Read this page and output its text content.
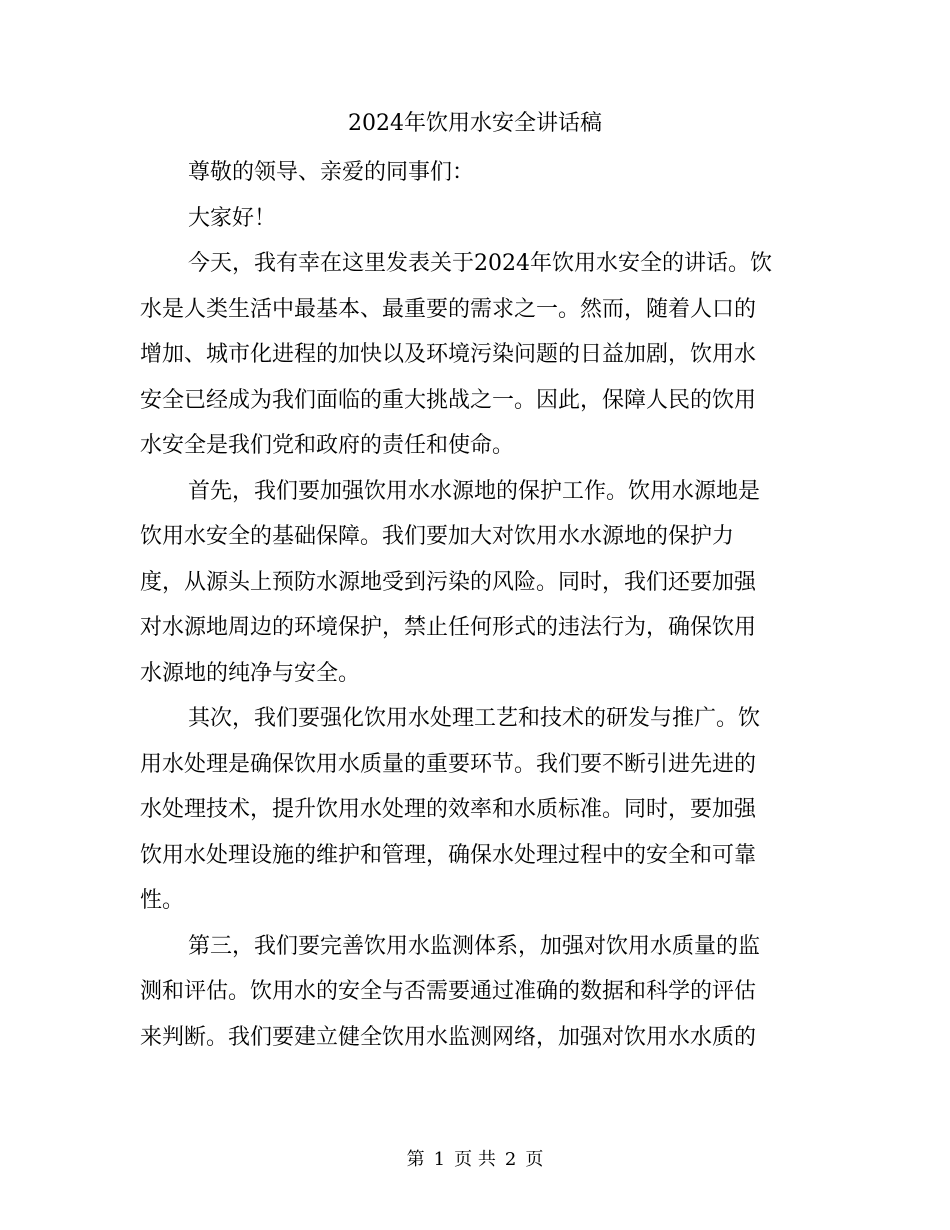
2024年饮用水安全讲话稿

尊敬的领导、亲爱的同事们：

大家好！

今天，我有幸在这里发表关于2024年饮用水安全的讲话。饮
水是人类生活中最基本、最重要的需求之一。然而，随着人口的
增加、城市化进程的加快以及环境污染问题的日益加剧，饮用水
安全已经成为我们面临的重大挑战之一。因此，保障人民的饮用
水安全是我们党和政府的责任和使命。

首先，我们要加强饮用水水源地的保护工作。饮用水源地是
饮用水安全的基础保障。我们要加大对饮用水水源地的保护力
度，从源头上预防水源地受到污染的风险。同时，我们还要加强
对水源地周边的环境保护，禁止任何形式的违法行为，确保饮用
水源地的纯净与安全。

其次，我们要强化饮用水处理工艺和技术的研发与推广。饮
用水处理是确保饮用水质量的重要环节。我们要不断引进先进的
水处理技术，提升饮用水处理的效率和水质标准。同时，要加强
饮用水处理设施的维护和管理，确保水处理过程中的安全和可靠
性。

第三，我们要完善饮用水监测体系，加强对饮用水质量的监
测和评估。饮用水的安全与否需要通过准确的数据和科学的评估
来判断。我们要建立健全饮用水监测网络，加强对饮用水水质的

第 1 页 共 2 页
